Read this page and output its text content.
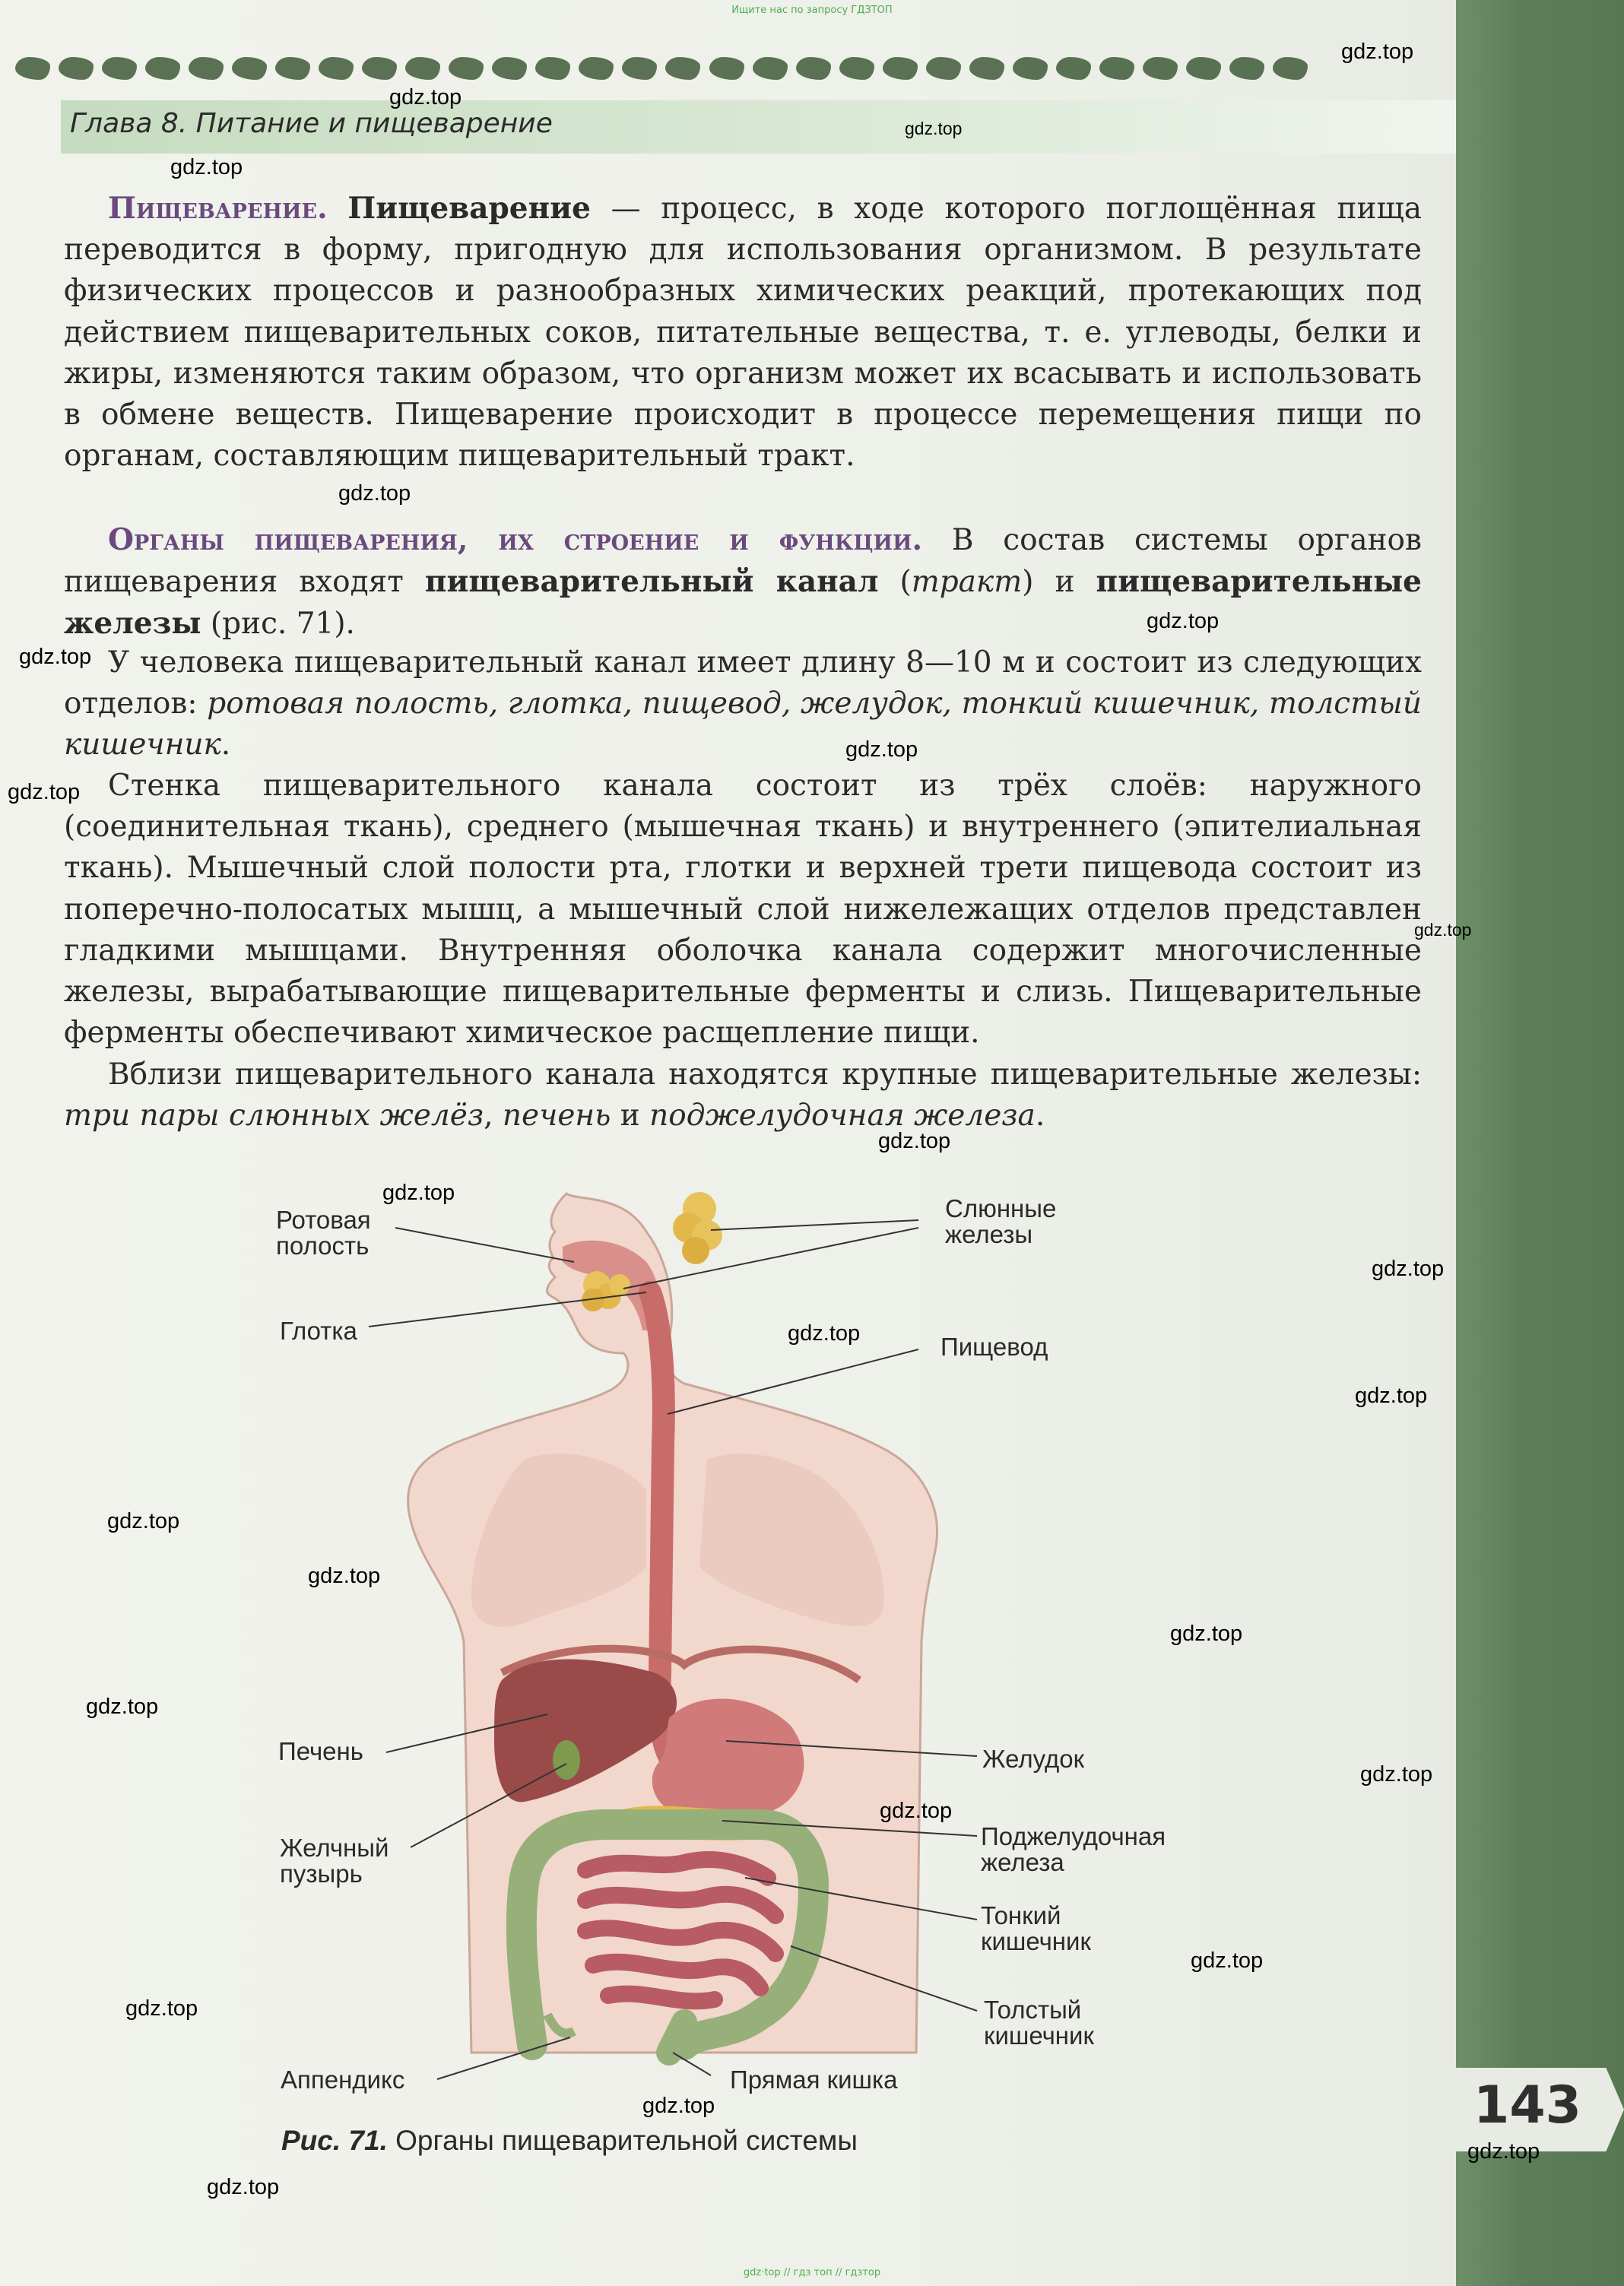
Ищите нас по запросу ГДЗТОП
Глава 8. Питание и пищеварение
Пищеварение. Пищеварение — процесс, в ходе которого поглощённая пища переводится в форму, пригодную для использования организмом. В результате физических процессов и разнообразных химических реакций, протекающих под действием пищеварительных соков, питательные вещества, т. е. углеводы, белки и жиры, изменяются таким образом, что организм может их всасывать и использовать в обмене веществ. Пищеварение происходит в процессе перемещения пищи по органам, составляющим пищеварительный тракт.
Органы пищеварения, их строение и функции. В состав системы органов пищеварения входят пищеварительный канал (тракт) и пищеварительные железы (рис. 71).
У человека пищеварительный канал имеет длину 8—10 м и состоит из следующих отделов: ротовая полость, глотка, пищевод, желудок, тонкий кишечник, толстый кишечник.
Стенка пищеварительного канала состоит из трёх слоёв: наружного (соединительная ткань), среднего (мышечная ткань) и внутреннего (эпителиальная ткань). Мышечный слой полости рта, глотки и верхней трети пищевода состоит из поперечно-полосатых мышц, а мышечный слой нижележащих отделов представлен гладкими мышцами. Внутренняя оболочка канала содержит многочисленные железы, вырабатывающие пищеварительные ферменты и слизь. Пищеварительные ферменты обеспечивают химическое расщепление пищи.
Вблизи пищеварительного канала находятся крупные пищеварительные железы: три пары слюнных желёз, печень и поджелудочная железа.
Ротовая
полость
Глотка
Слюнные
железы
Пищевод
Печень
Желчный
пузырь
Желудок
Поджелудочная
железа
Тонкий
кишечник
Толстый
кишечник
Аппендикс	Прямая кишка
Рис. 71. Органы пищеварительной системы
143
gdz.top
gdz.top
gdz.top
gdz.top
gdz.top
gdz.top
gdz.top
gdz.top
gdz.top
gdz.top
gdz.top
gdz.top
gdz.top
gdz.top
gdz.top
gdz.top
gdz.top
gdz.top
gdz.top
gdz.top
gdz.top
gdz.top
gdz.top
gdz.top
gdz.top
gdz.top
gdz·top // гдз топ // гдзтор
